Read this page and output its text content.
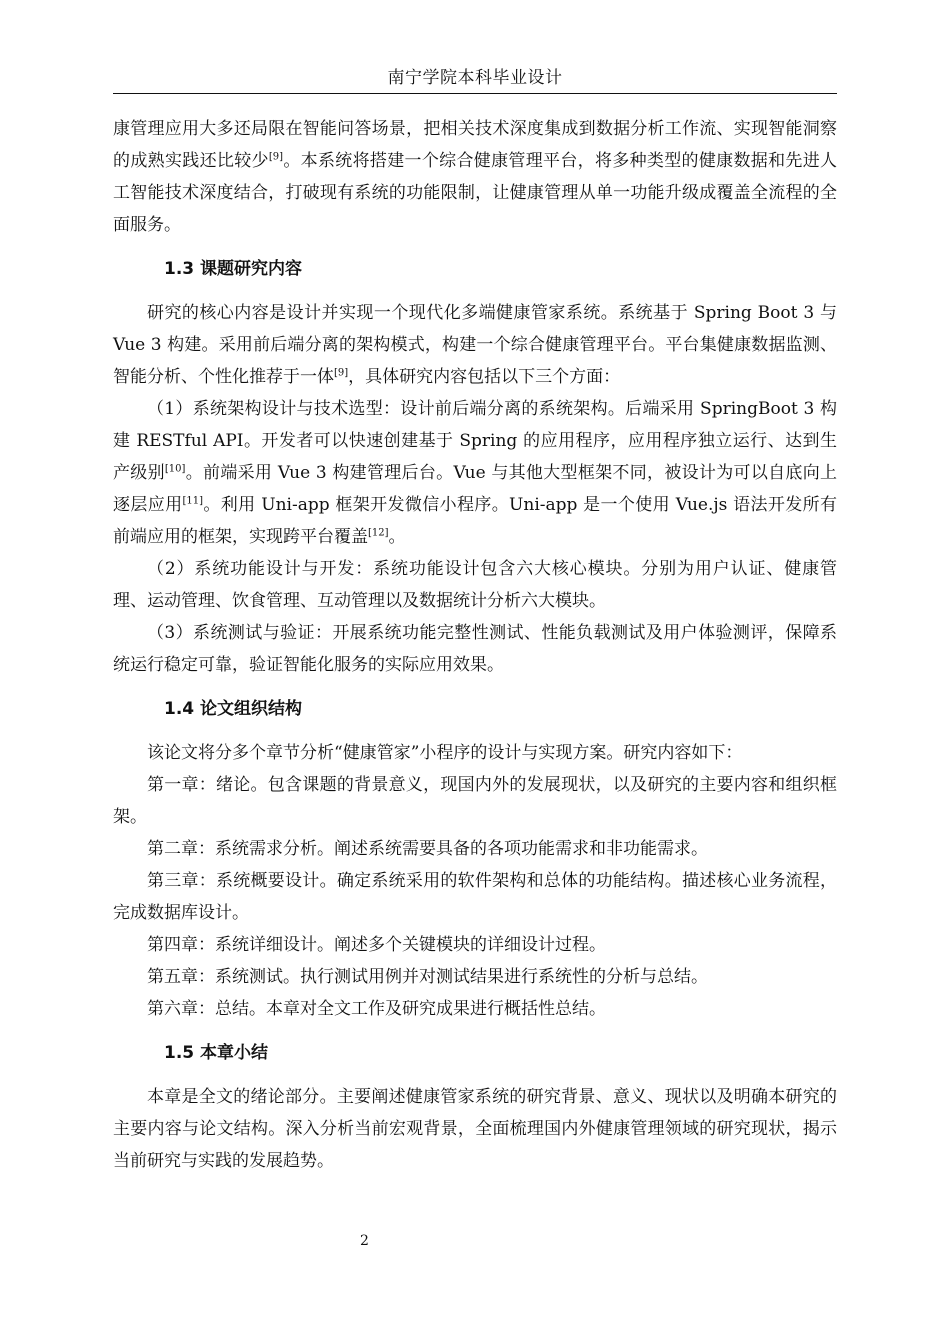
南宁学院本科毕业设计

康管理应用大多还局限在智能问答场景，把相关技术深度集成到数据分析工作流、实现智能洞察的成熟实践还比较少[9]。本系统将搭建一个综合健康管理平台，将多种类型的健康数据和先进人工智能技术深度结合，打破现有系统的功能限制，让健康管理从单一功能升级成覆盖全流程的全面服务。

1.3 课题研究内容

研究的核心内容是设计并实现一个现代化多端健康管家系统。系统基于 Spring Boot 3 与 Vue 3 构建。采用前后端分离的架构模式，构建一个综合健康管理平台。平台集健康数据监测、智能分析、个性化推荐于一体[9]，具体研究内容包括以下三个方面：

（1）系统架构设计与技术选型：设计前后端分离的系统架构。后端采用 SpringBoot 3 构建 RESTful API。开发者可以快速创建基于 Spring 的应用程序，应用程序独立运行、达到生产级别[10]。前端采用 Vue 3 构建管理后台。Vue 与其他大型框架不同，被设计为可以自底向上逐层应用[11]。利用 Uni-app 框架开发微信小程序。Uni-app 是一个使用 Vue.js 语法开发所有前端应用的框架，实现跨平台覆盖[12]。

（2）系统功能设计与开发：系统功能设计包含六大核心模块。分别为用户认证、健康管理、运动管理、饮食管理、互动管理以及数据统计分析六大模块。

（3）系统测试与验证：开展系统功能完整性测试、性能负载测试及用户体验测评，保障系统运行稳定可靠，验证智能化服务的实际应用效果。

1.4 论文组织结构

该论文将分多个章节分析“健康管家”小程序的设计与实现方案。研究内容如下：

第一章：绪论。包含课题的背景意义，现国内外的发展现状，以及研究的主要内容和组织框架。

第二章：系统需求分析。阐述系统需要具备的各项功能需求和非功能需求。

第三章：系统概要设计。确定系统采用的软件架构和总体的功能结构。描述核心业务流程，完成数据库设计。

第四章：系统详细设计。阐述多个关键模块的详细设计过程。

第五章：系统测试。执行测试用例并对测试结果进行系统性的分析与总结。

第六章：总结。本章对全文工作及研究成果进行概括性总结。

1.5 本章小结

本章是全文的绪论部分。主要阐述健康管家系统的研究背景、意义、现状以及明确本研究的主要内容与论文结构。深入分析当前宏观背景，全面梳理国内外健康管理领域的研究现状，揭示当前研究与实践的发展趋势。

2
